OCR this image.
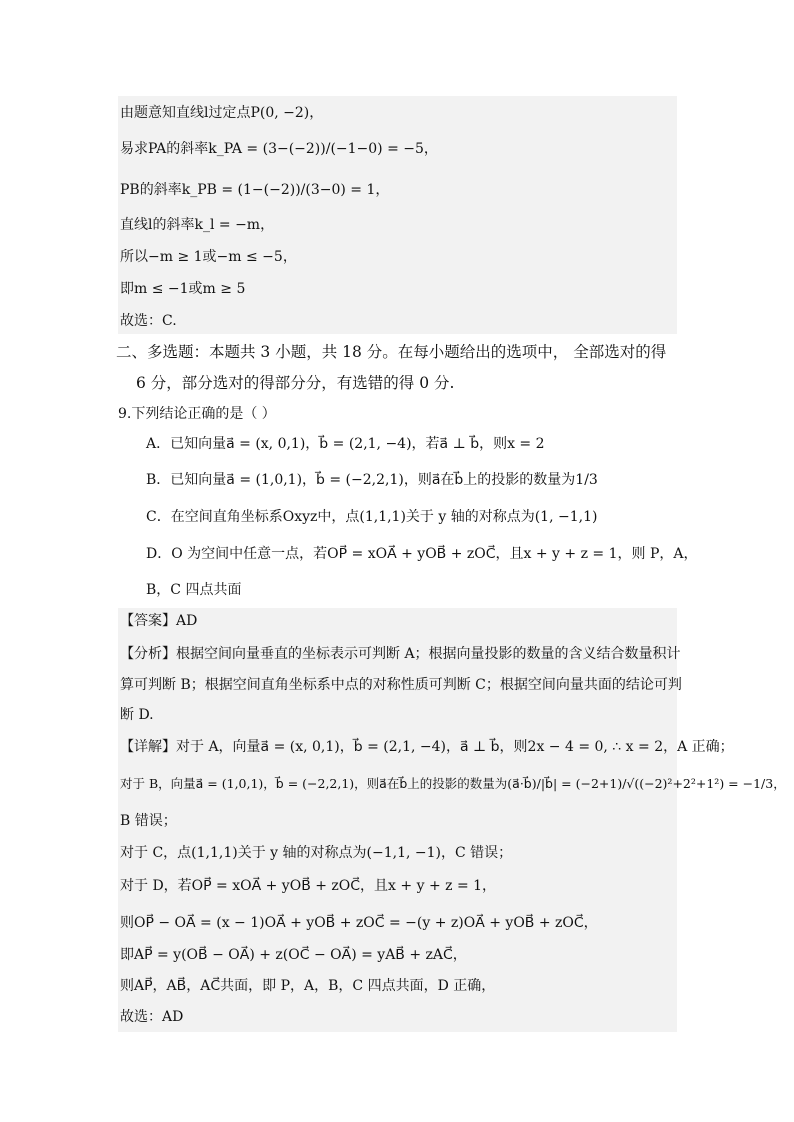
由题意知直线l过定点P(0, −2)，
易求PA的斜率k_PA = (3−(−2))/(−1−0) = −5，
PB的斜率k_PB = (1−(−2))/(3−0) = 1，
直线l的斜率k_l = −m，
所以−m ≥ 1或−m ≤ −5，
即m ≤ −1或m ≥ 5
故选：C.
二、多选题：本题共 3 小题，共 18 分。在每小题给出的选项中， 全部选对的得
6 分，部分选对的得部分分，有选错的得 0 分.
9.下列结论正确的是（ ）
A．已知向量a⃗ = (x, 0,1)，b⃗ = (2,1, −4)，若a⃗ ⊥ b⃗，则x = 2
B．已知向量a⃗ = (1,0,1)，b⃗ = (−2,2,1)，则a⃗在b⃗上的投影的数量为1/3
C．在空间直角坐标系Oxyz中，点(1,1,1)关于 y 轴的对称点为(1, −1,1)
D．O 为空间中任意一点，若OP⃗ = xOA⃗ + yOB⃗ + zOC⃗，且x + y + z = 1，则 P，A，
B，C 四点共面
【答案】AD
【分析】根据空间向量垂直的坐标表示可判断 A；根据向量投影的数量的含义结合数量积计
算可判断 B；根据空间直角坐标系中点的对称性质可判断 C；根据空间向量共面的结论可判
断 D.
【详解】对于 A，向量a⃗ = (x, 0,1)，b⃗ = (2,1, −4)，a⃗ ⊥ b⃗，则2x − 4 = 0, ∴ x = 2，A 正确；
对于 B，向量a⃗ = (1,0,1)，b⃗ = (−2,2,1)，则a⃗在b⃗上的投影的数量为(a⃗·b⃗)/|b⃗| = (−2+1)/√((−2)²+2²+1²) = −1/3，
B 错误；
对于 C，点(1,1,1)关于 y 轴的对称点为(−1,1, −1)，C 错误；
对于 D，若OP⃗ = xOA⃗ + yOB⃗ + zOC⃗，且x + y + z = 1，
则OP⃗ − OA⃗ = (x − 1)OA⃗ + yOB⃗ + zOC⃗ = −(y + z)OA⃗ + yOB⃗ + zOC⃗，
即AP⃗ = y(OB⃗ − OA⃗) + z(OC⃗ − OA⃗) = yAB⃗ + zAC⃗，
则AP⃗，AB⃗，AC⃗共面，即 P，A，B，C 四点共面，D 正确，
故选：AD
